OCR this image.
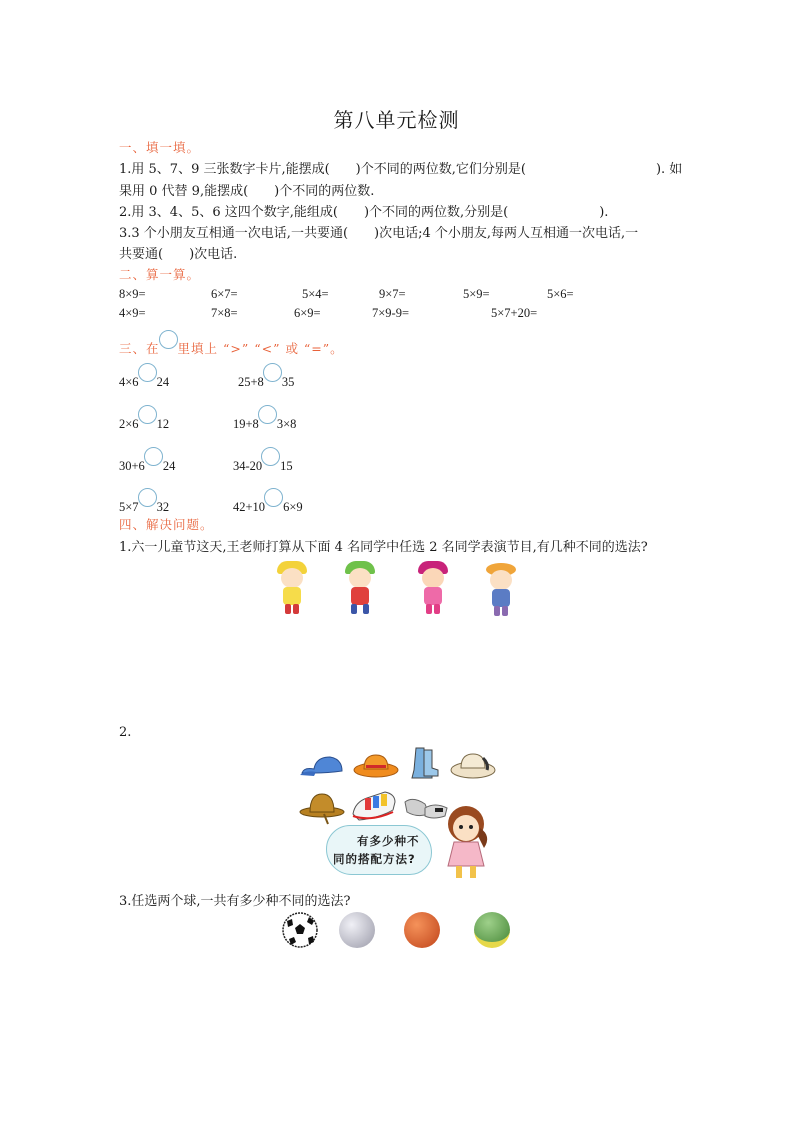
第八单元检测
一、填一填。
1.用 5、7、9 三张数字卡片,能摆成(　　)个不同的两位数,它们分别是(　　　　　　　　　　). 如
果用 0 代替 9,能摆成(　　)个不同的两位数.
2.用 3、4、5、6 这四个数字,能组成(　　)个不同的两位数,分别是(　　　　　　　).
3.3 个小朋友互相通一次电话,一共要通(　　)次电话;4 个小朋友,每两人互相通一次电话,一
共要通(　　)次电话.
二、算一算。
8×9=	6×7=	5×4=	9×7=	5×9=	5×6=
4×9=	7×8=	6×9=	7×9-9=	5×7+20=
三、在 里填上 “>” “<” 或 “=”。
4×6 24	25+8 35
2×6 12	19+8 3×8
30+6 24	34-20 15
5×7 32	42+10 6×9
四、解决问题。
1.六一儿童节这天,王老师打算从下面 4 名同学中任选 2 名同学表演节目,有几种不同的选法?
2.
有多少种不
同的搭配方法?
3.任选两个球,一共有多少种不同的选法?
